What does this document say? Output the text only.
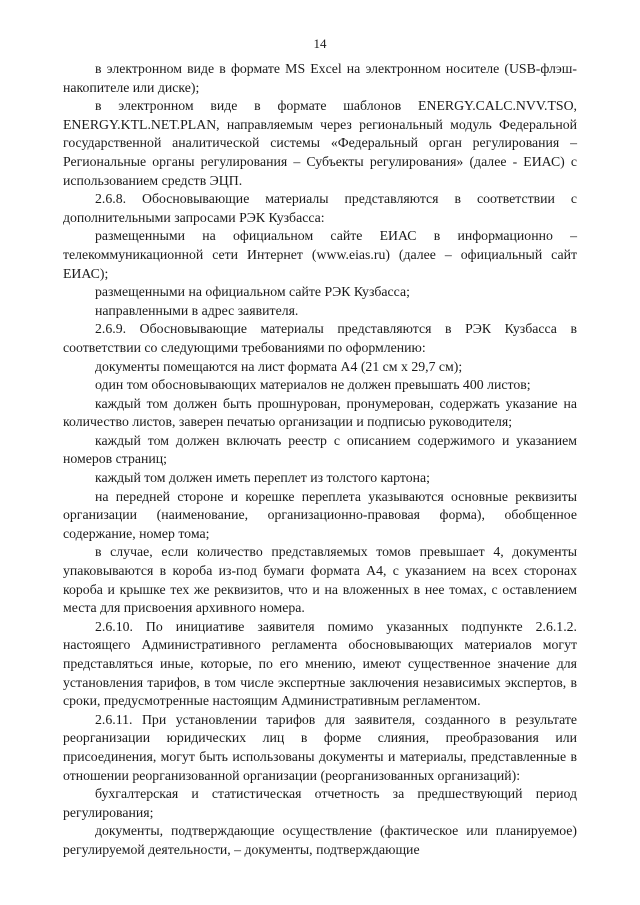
14

в электронном виде в формате MS Excel на электронном носителе (USB-флэш-накопителе или диске);

в электронном виде в формате шаблонов ENERGY.CALC.NVV.TSO, ENERGY.KTL.NET.PLAN, направляемым через региональный модуль Федеральной государственной аналитической системы «Федеральный орган регулирования – Региональные органы регулирования – Субъекты регулирования» (далее - ЕИАС) с использованием средств ЭЦП.

2.6.8. Обосновывающие материалы представляются в соответствии с дополнительными запросами РЭК Кузбасса:

размещенными на официальном сайте ЕИАС в информационно – телекоммуникационной сети Интернет (www.eias.ru) (далее – официальный сайт ЕИАС);

размещенными на официальном сайте РЭК Кузбасса;

направленными в адрес заявителя.

2.6.9. Обосновывающие материалы представляются в РЭК Кузбасса в соответствии со следующими требованиями по оформлению:

документы помещаются на лист формата А4 (21 см х 29,7 см);

один том обосновывающих материалов не должен превышать 400 листов;

каждый том должен быть прошнурован, пронумерован, содержать указание на количество листов, заверен печатью организации и подписью руководителя;

каждый том должен включать реестр с описанием содержимого и указанием номеров страниц;

каждый том должен иметь переплет из толстого картона;

на передней стороне и корешке переплета указываются основные реквизиты организации (наименование, организационно-правовая форма), обобщенное содержание, номер тома;

в случае, если количество представляемых томов превышает 4, документы упаковываются в короба из-под бумаги формата А4, с указанием на всех сторонах короба и крышке тех же реквизитов, что и на вложенных в нее томах, с оставлением места для присвоения архивного номера.

2.6.10. По инициативе заявителя помимо указанных подпункте 2.6.1.2. настоящего Административного регламента обосновывающих материалов могут представляться иные, которые, по его мнению, имеют существенное значение для установления тарифов, в том числе экспертные заключения независимых экспертов, в сроки, предусмотренные настоящим Административным регламентом.

2.6.11. При установлении тарифов для заявителя, созданного в результате реорганизации юридических лиц в форме слияния, преобразования или присоединения, могут быть использованы документы и материалы, представленные в отношении реорганизованной организации (реорганизованных организаций):

бухгалтерская и статистическая отчетность за предшествующий период регулирования;

документы, подтверждающие осуществление (фактическое или планируемое) регулируемой деятельности, – документы, подтверждающие
